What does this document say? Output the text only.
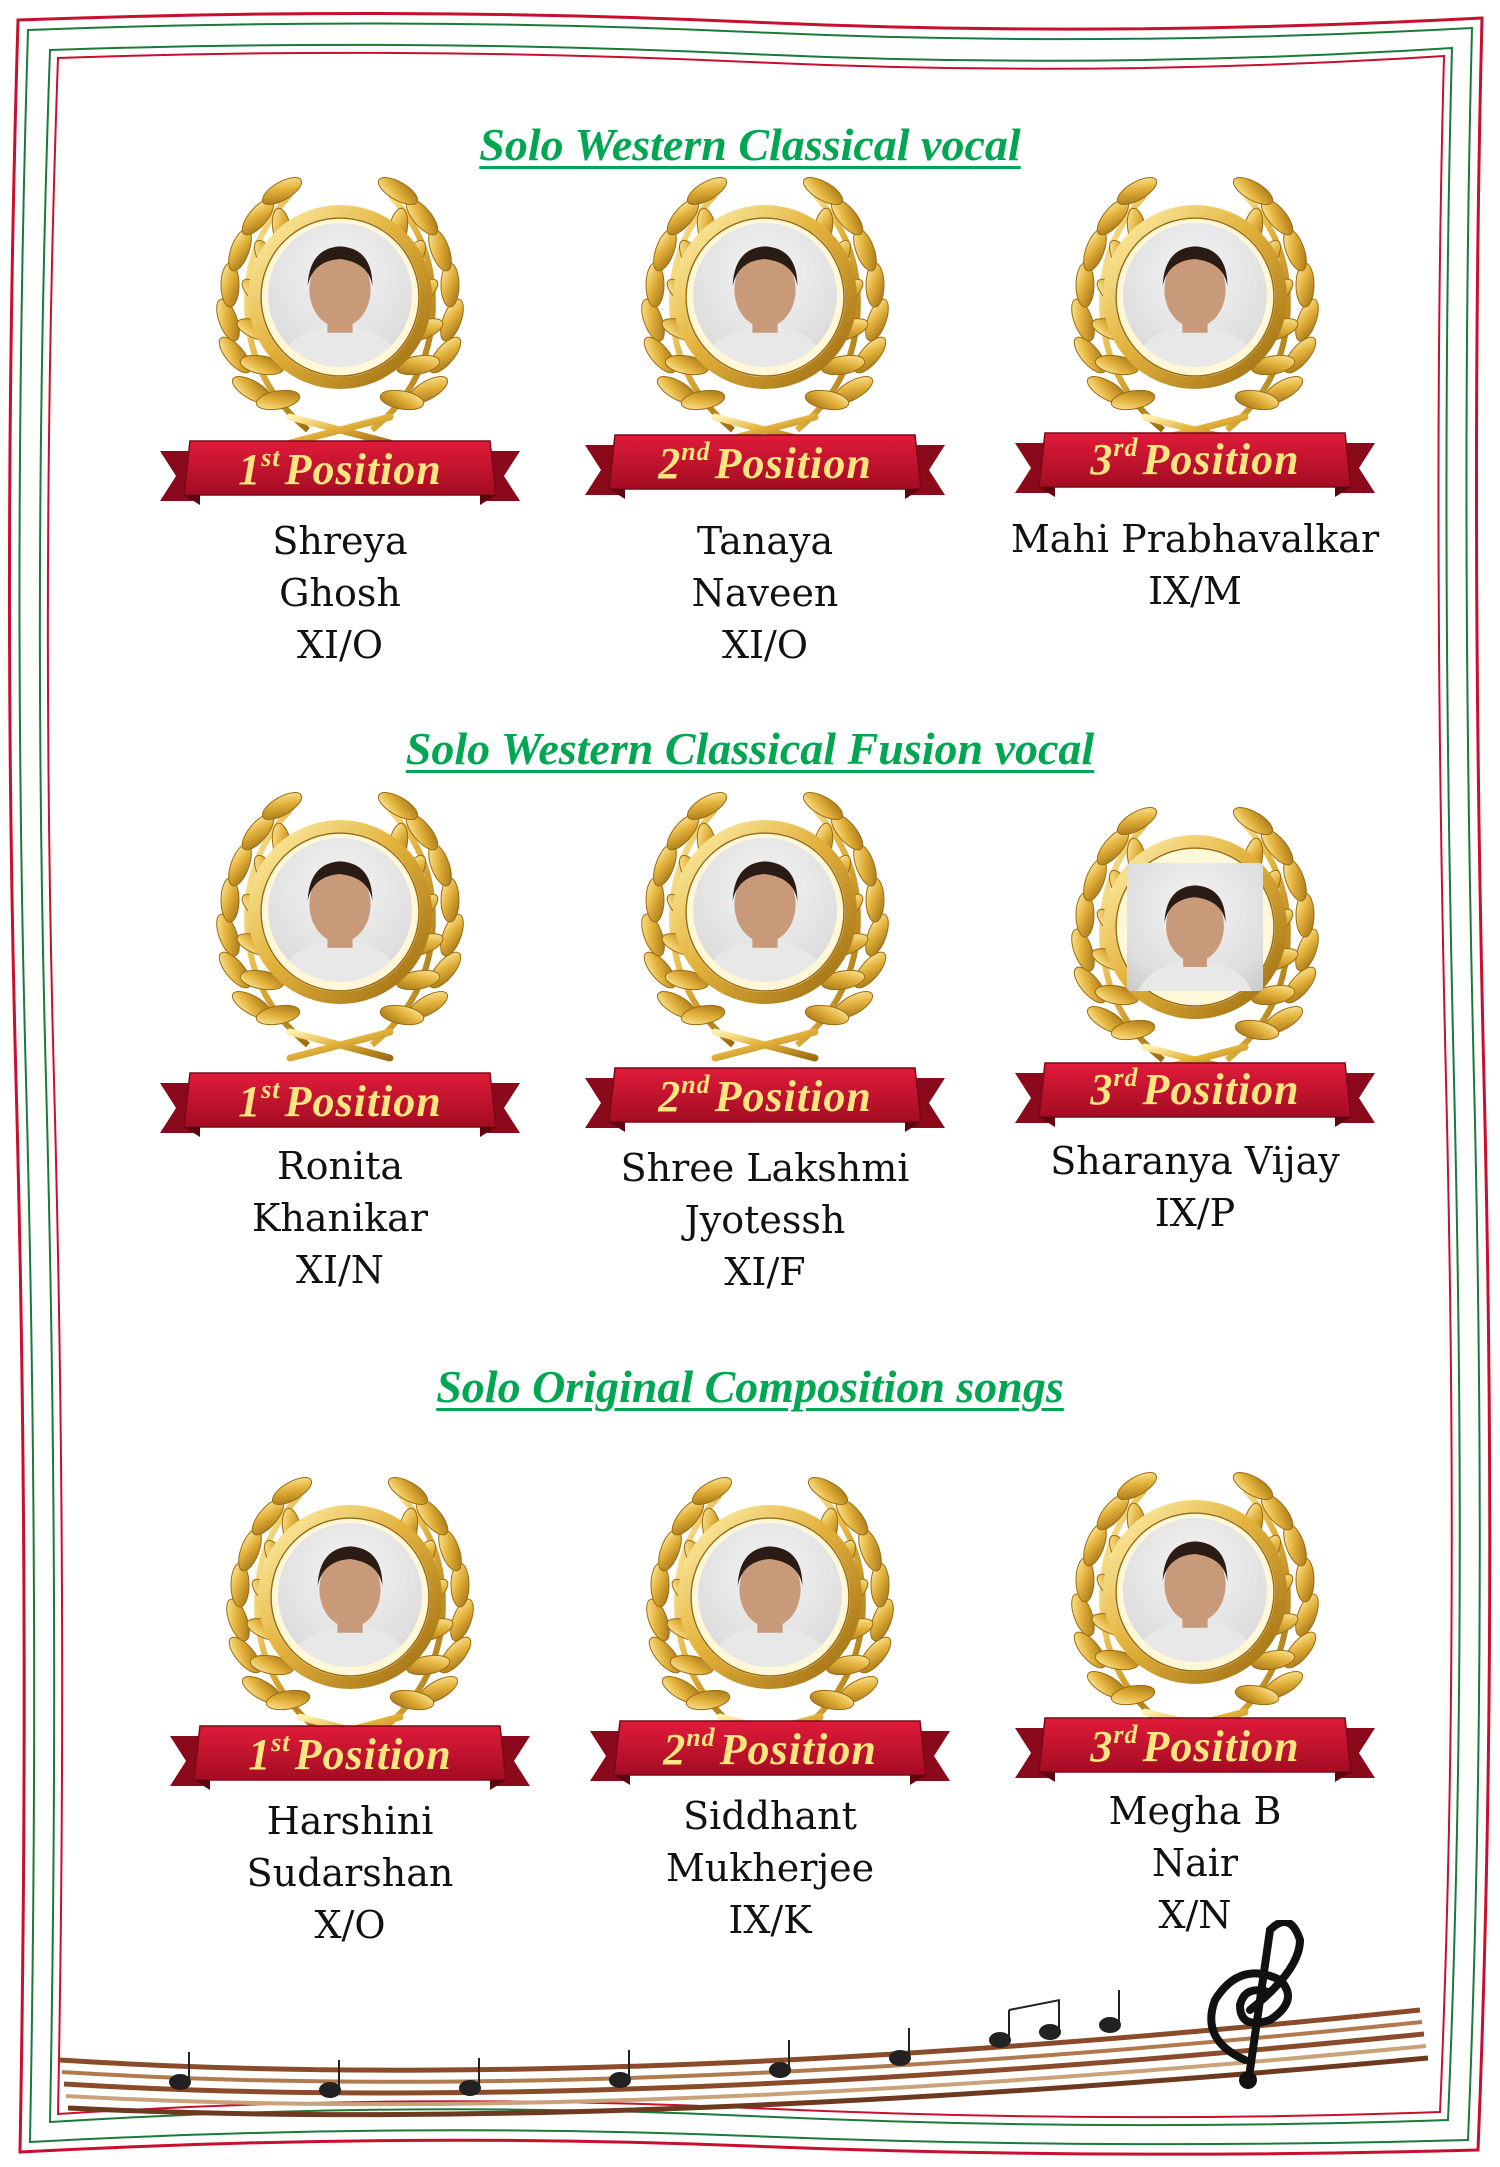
Solo Western Classical vocal
1stPosition
Shreya
Ghosh
XI/O
2ndPosition
Tanaya
Naveen
XI/O
3rdPosition
Mahi Prabhavalkar
IX/M
Solo Western Classical Fusion vocal
1stPosition
Ronita
Khanikar
XI/N
2ndPosition
Shree Lakshmi
Jyotessh
XI/F
3rdPosition
Sharanya Vijay
IX/P
Solo Original Composition songs
1stPosition
Harshini
Sudarshan
X/O
2ndPosition
Siddhant
Mukherjee
IX/K
3rdPosition
Megha B
Nair
X/N
